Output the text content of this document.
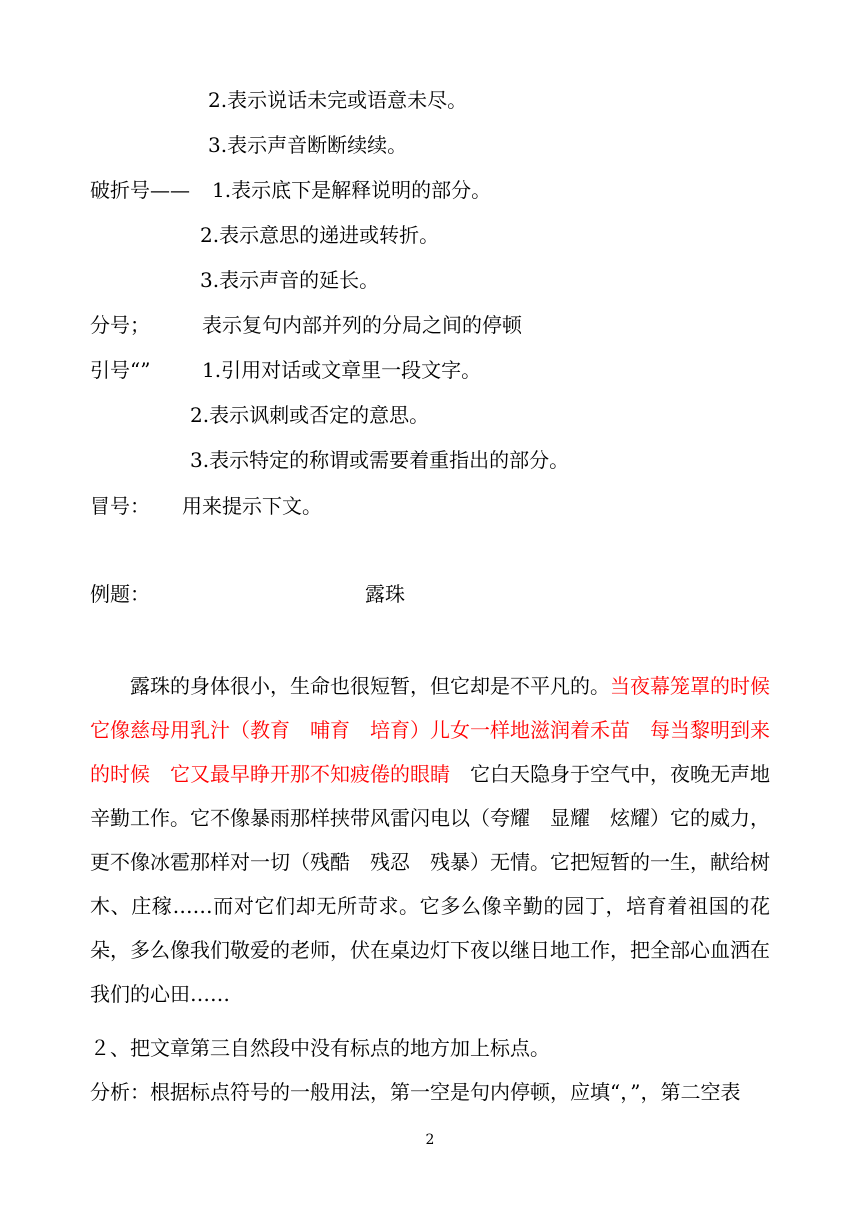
2.表示说话未完或语意未尽。
3.表示声音断断续续。
破折号—— 1.表示底下是解释说明的部分。
2.表示意思的递进或转折。
3.表示声音的延长。
分号；	表示复句内部并列的分局之间的停顿
引号“”	1.引用对话或文章里一段文字。
2.表示讽刺或否定的意思。
3.表示特定的称谓或需要着重指出的部分。
冒号： 用来提示下文。
例题：	露珠
露珠的身体很小，生命也很短暂，但它却是不平凡的。当夜幕笼罩的时候　它像慈母用乳汁（教育　哺育　培育）儿女一样地滋润着禾苗　每当黎明到来的时候　它又最早睁开那不知疲倦的眼睛　它白天隐身于空气中，夜晚无声地辛勤工作。它不像暴雨那样挟带风雷闪电以（夸耀　显耀　炫耀）它的威力，更不像冰雹那样对一切（残酷　残忍　残暴）无情。它把短暂的一生，献给树木、庄稼……而对它们却无所苛求。它多么像辛勤的园丁，培育着祖国的花朵，多么像我们敬爱的老师，伏在桌边灯下夜以继日地工作，把全部心血洒在我们的心田……
２、把文章第三自然段中没有标点的地方加上标点。
分析：根据标点符号的一般用法，第一空是句内停顿，应填“，”，第二空表
2
